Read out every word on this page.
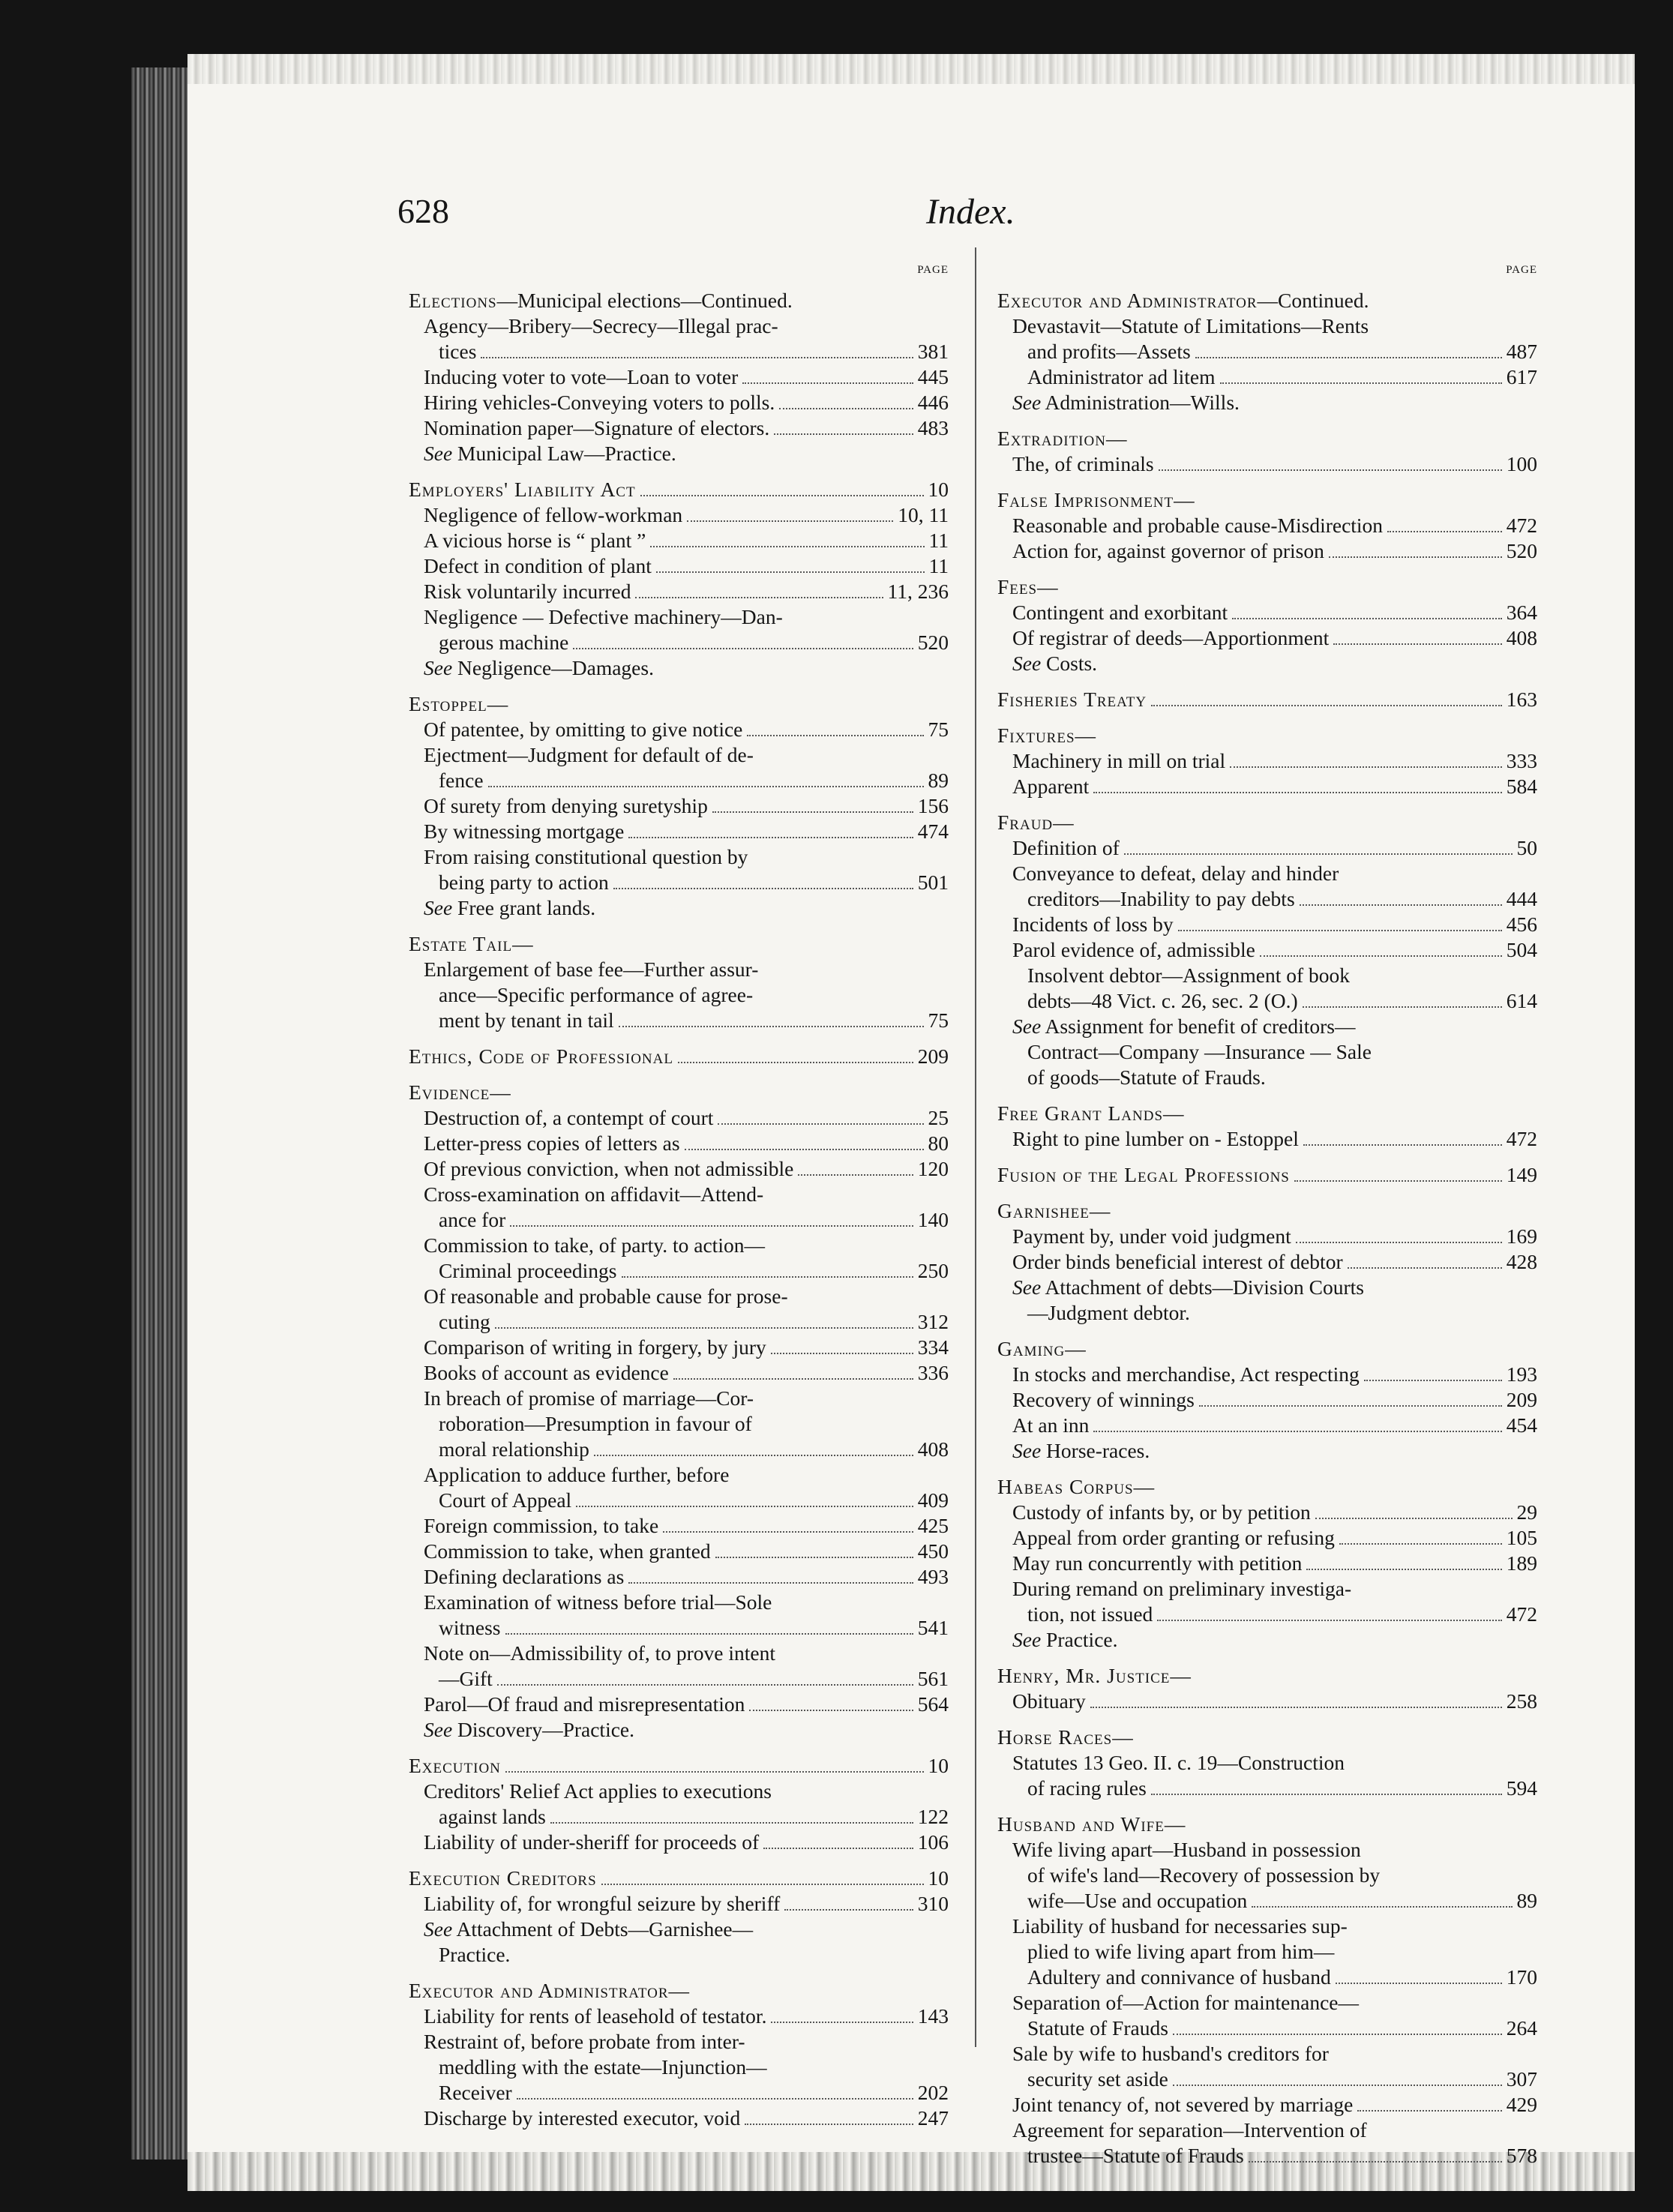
628	Index.
PAGE
Elections—Municipal elections—Continued.
Agency—Bribery—Secrecy—Illegal prac-
tices	381
Inducing voter to vote—Loan to voter	445
Hiring vehicles-Conveying voters to polls.	446
Nomination paper—Signature of electors.	483
See Municipal Law—Practice.
Employers' Liability Act	10
Negligence of fellow-workman	10, 11
A vicious horse is “ plant ”	11
Defect in condition of plant	11
Risk voluntarily incurred	11, 236
Negligence — Defective machinery—Dan-
gerous machine	520
See Negligence—Damages.
Estoppel—
Of patentee, by omitting to give notice	75
Ejectment—Judgment for default of de-
fence	89
Of surety from denying suretyship	156
By witnessing mortgage	474
From raising constitutional question by
being party to action	501
See Free grant lands.
Estate Tail—
Enlargement of base fee—Further assur-
ance—Specific performance of agree-
ment by tenant in tail	75
Ethics, Code of Professional	209
Evidence—
Destruction of, a contempt of court	25
Letter-press copies of letters as	80
Of previous conviction, when not admissible	120
Cross-examination on affidavit—Attend-
ance for	140
Commission to take, of party. to action—
Criminal proceedings	250
Of reasonable and probable cause for prose-
cuting	312
Comparison of writing in forgery, by jury	334
Books of account as evidence	336
In breach of promise of marriage—Cor-
roboration—Presumption in favour of
moral relationship	408
Application to adduce further, before
Court of Appeal	409
Foreign commission, to take	425
Commission to take, when granted	450
Defining declarations as	493
Examination of witness before trial—Sole
witness	541
Note on—Admissibility of, to prove intent
—Gift	561
Parol—Of fraud and misrepresentation	564
See Discovery—Practice.
Execution	10
Creditors' Relief Act applies to executions
against lands	122
Liability of under-sheriff for proceeds of	106
Execution Creditors	10
Liability of, for wrongful seizure by sheriff	310
See Attachment of Debts—Garnishee—
Practice.
Executor and Administrator—
Liability for rents of leasehold of testator.	143
Restraint of, before probate from inter-
meddling with the estate—Injunction—
Receiver	202
Discharge by interested executor, void	247
PAGE
Executor and Administrator—Continued.
Devastavit—Statute of Limitations—Rents
and profits—Assets	487
Administrator ad litem	617
See Administration—Wills.
Extradition—
The, of criminals	100
False Imprisonment—
Reasonable and probable cause-Misdirection	472
Action for, against governor of prison	520
Fees—
Contingent and exorbitant	364
Of registrar of deeds—Apportionment	408
See Costs.
Fisheries Treaty	163
Fixtures—
Machinery in mill on trial	333
Apparent	584
Fraud—
Definition of	50
Conveyance to defeat, delay and hinder
creditors—Inability to pay debts	444
Incidents of loss by	456
Parol evidence of, admissible	504
Insolvent debtor—Assignment of book
debts—48 Vict. c. 26, sec. 2 (O.)	614
See Assignment for benefit of creditors—
Contract—Company —Insurance — Sale
of goods—Statute of Frauds.
Free Grant Lands—
Right to pine lumber on - Estoppel	472
Fusion of the Legal Professions	149
Garnishee—
Payment by, under void judgment	169
Order binds beneficial interest of debtor	428
See Attachment of debts—Division Courts
—Judgment debtor.
Gaming—
In stocks and merchandise, Act respecting	193
Recovery of winnings	209
At an inn	454
See Horse-races.
Habeas Corpus—
Custody of infants by, or by petition	29
Appeal from order granting or refusing	105
May run concurrently with petition	189
During remand on preliminary investiga-
tion, not issued	472
See Practice.
Henry, Mr. Justice—
Obituary	258
Horse Races—
Statutes 13 Geo. II. c. 19—Construction
of racing rules	594
Husband and Wife—
Wife living apart—Husband in possession
of wife's land—Recovery of possession by
wife—Use and occupation	89
Liability of husband for necessaries sup-
plied to wife living apart from him—
Adultery and connivance of husband	170
Separation of—Action for maintenance—
Statute of Frauds	264
Sale by wife to husband's creditors for
security set aside	307
Joint tenancy of, not severed by marriage	429
Agreement for separation—Intervention of
trustee—Statute of Frauds	578
